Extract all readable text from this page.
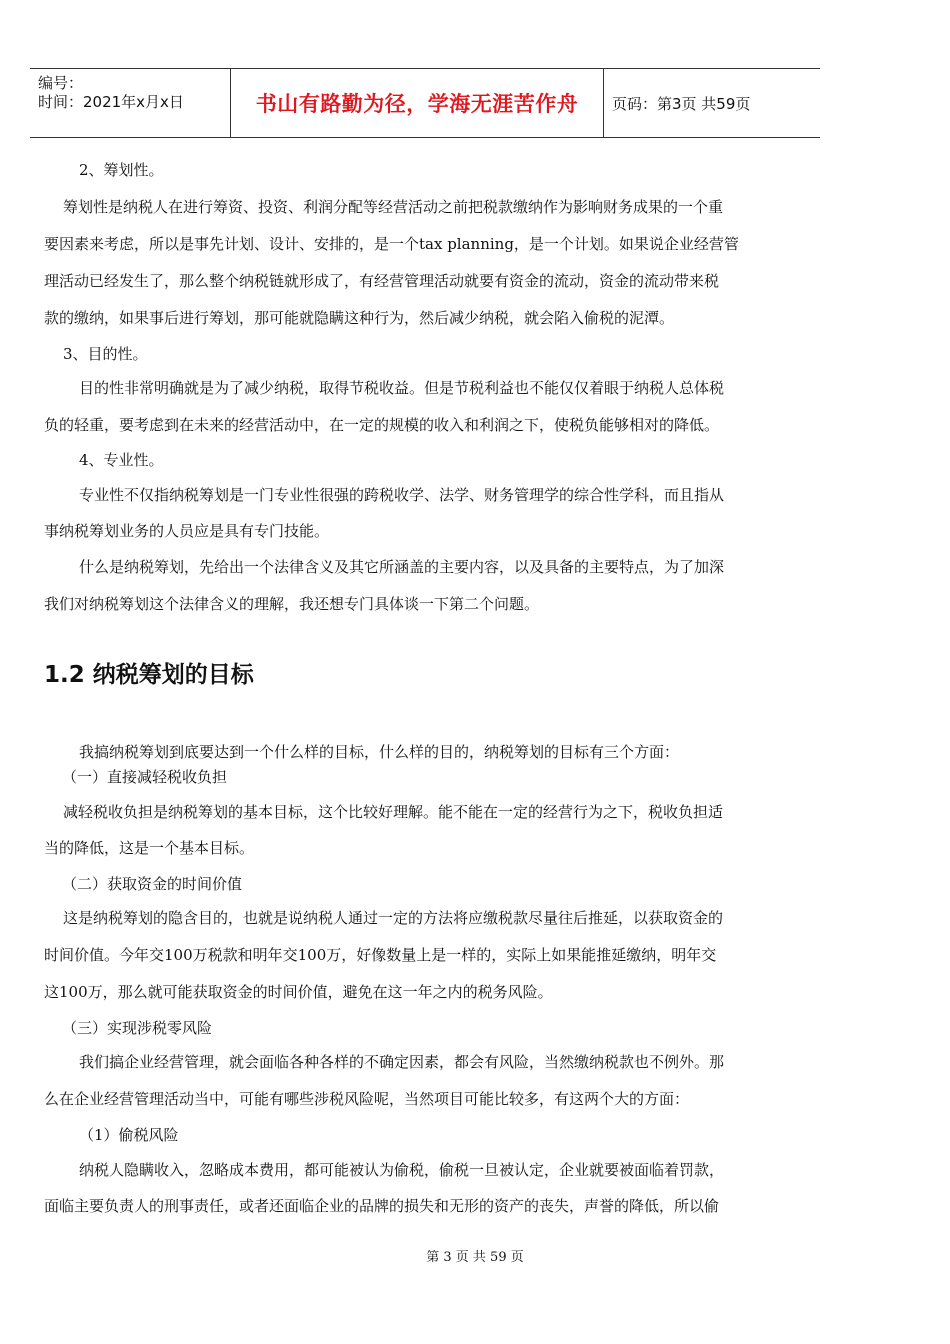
编号：
时间：2021年x月x日	书山有路勤为径，学海无涯苦作舟 页码：第3页 共59页
2、筹划性。
筹划性是纳税人在进行筹资、投资、利润分配等经营活动之前把税款缴纳作为影响财务成果的一个重
要因素来考虑，所以是事先计划、设计、安排的，是一个tax planning，是一个计划。如果说企业经营管
理活动已经发生了，那么整个纳税链就形成了，有经营管理活动就要有资金的流动，资金的流动带来税
款的缴纳，如果事后进行筹划，那可能就隐瞒这种行为，然后减少纳税，就会陷入偷税的泥潭。
3、目的性。
目的性非常明确就是为了减少纳税，取得节税收益。但是节税利益也不能仅仅着眼于纳税人总体税
负的轻重，要考虑到在未来的经营活动中，在一定的规模的收入和利润之下，使税负能够相对的降低。
4、专业性。
专业性不仅指纳税筹划是一门专业性很强的跨税收学、法学、财务管理学的综合性学科，而且指从
事纳税筹划业务的人员应是具有专门技能。
什么是纳税筹划，先给出一个法律含义及其它所涵盖的主要内容，以及具备的主要特点，为了加深
我们对纳税筹划这个法律含义的理解，我还想专门具体谈一下第二个问题。
1.2 纳税筹划的目标
我搞纳税筹划到底要达到一个什么样的目标，什么样的目的，纳税筹划的目标有三个方面：
（一）直接减轻税收负担
减轻税收负担是纳税筹划的基本目标，这个比较好理解。能不能在一定的经营行为之下，税收负担适
当的降低，这是一个基本目标。
（二）获取资金的时间价值
这是纳税筹划的隐含目的，也就是说纳税人通过一定的方法将应缴税款尽量往后推延，以获取资金的
时间价值。今年交100万税款和明年交100万，好像数量上是一样的，实际上如果能推延缴纳，明年交
这100万，那么就可能获取资金的时间价值，避免在这一年之内的税务风险。
（三）实现涉税零风险
我们搞企业经营管理，就会面临各种各样的不确定因素，都会有风险，当然缴纳税款也不例外。那
么在企业经营管理活动当中，可能有哪些涉税风险呢，当然项目可能比较多，有这两个大的方面：
（1）偷税风险
纳税人隐瞒收入，忽略成本费用，都可能被认为偷税，偷税一旦被认定，企业就要被面临着罚款，
面临主要负责人的刑事责任，或者还面临企业的品牌的损失和无形的资产的丧失，声誉的降低，所以偷
第 3 页 共 59 页
